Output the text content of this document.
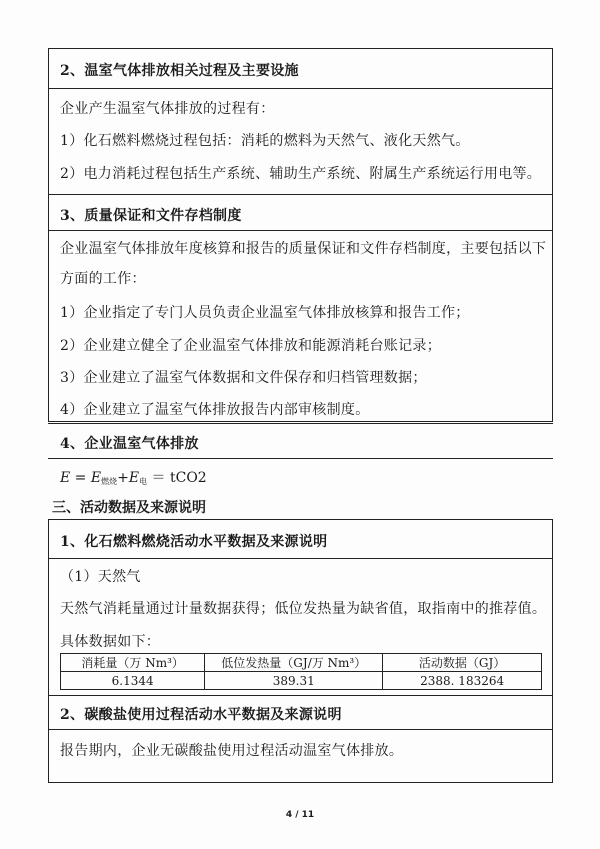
2、温室气体排放相关过程及主要设施
企业产生温室气体排放的过程有：
1）化石燃料燃烧过程包括：消耗的燃料为天然气、液化天然气。
2）电力消耗过程包括生产系统、辅助生产系统、附属生产系统运行用电等。
3、质量保证和文件存档制度
企业温室气体排放年度核算和报告的质量保证和文件存档制度，主要包括以下
方面的工作：
1）企业指定了专门人员负责企业温室气体排放核算和报告工作；
2）企业建立健全了企业温室气体排放和能源消耗台账记录；
3）企业建立了温室气体数据和文件保存和归档管理数据；
4）企业建立了温室气体排放报告内部审核制度。
4、企业温室气体排放
$E = E_{燃烧}+E_电 = tCO2$
三、活动数据及来源说明
1、化石燃料燃烧活动水平数据及来源说明
（1）天然气
天然气消耗量通过计量数据获得；低位发热量为缺省值，取指南中的推荐值。
具体数据如下：
消耗量（万 Nm³）	低位发热量（GJ/万 Nm³）	活动数据（GJ）
6.1344	389.31	2388. 183264
2、碳酸盐使用过程活动水平数据及来源说明
报告期内，企业无碳酸盐使用过程活动温室气体排放。
4 / 11
